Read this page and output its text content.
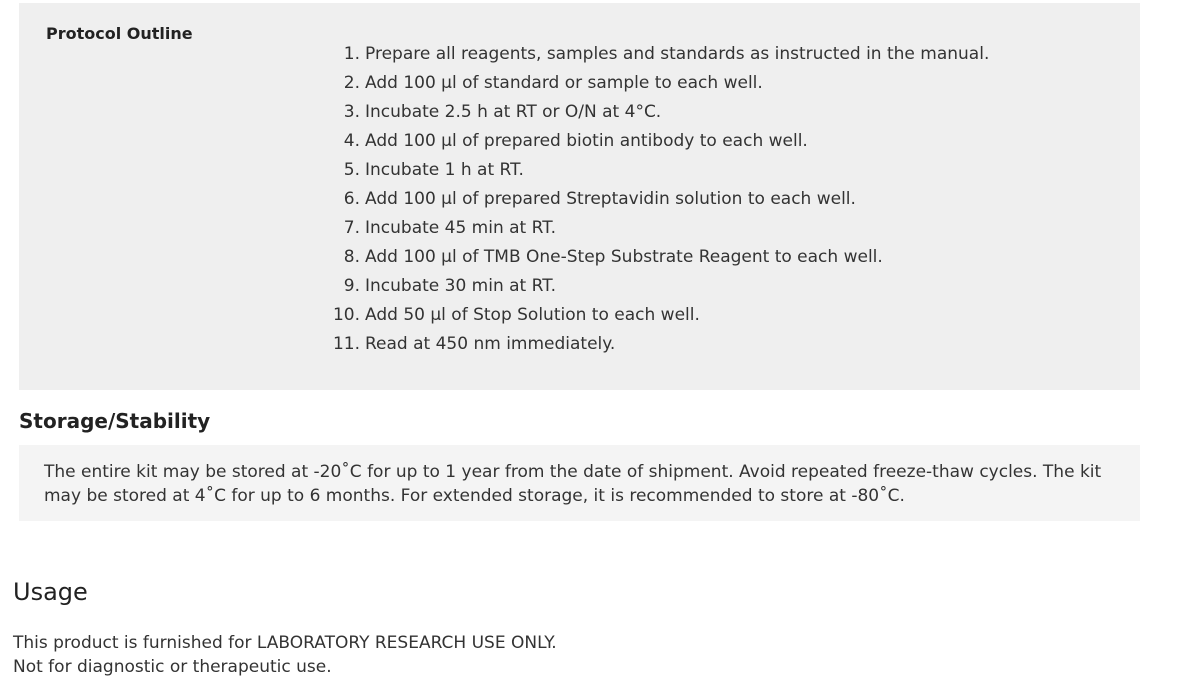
Protocol Outline
1. Prepare all reagents, samples and standards as instructed in the manual.
2. Add 100 µl of standard or sample to each well.
3. Incubate 2.5 h at RT or O/N at 4°C.
4. Add 100 µl of prepared biotin antibody to each well.
5. Incubate 1 h at RT.
6. Add 100 µl of prepared Streptavidin solution to each well.
7. Incubate 45 min at RT.
8. Add 100 µl of TMB One-Step Substrate Reagent to each well.
9. Incubate 30 min at RT.
10. Add 50 µl of Stop Solution to each well.
11. Read at 450 nm immediately.
Storage/Stability

The entire kit may be stored at -20˚C for up to 1 year from the date of shipment. Avoid repeated freeze-thaw cycles. The kit may be stored at 4˚C for up to 6 months. For extended storage, it is recommended to store at -80˚C.

Usage

This product is furnished for LABORATORY RESEARCH USE ONLY.
Not for diagnostic or therapeutic use.
